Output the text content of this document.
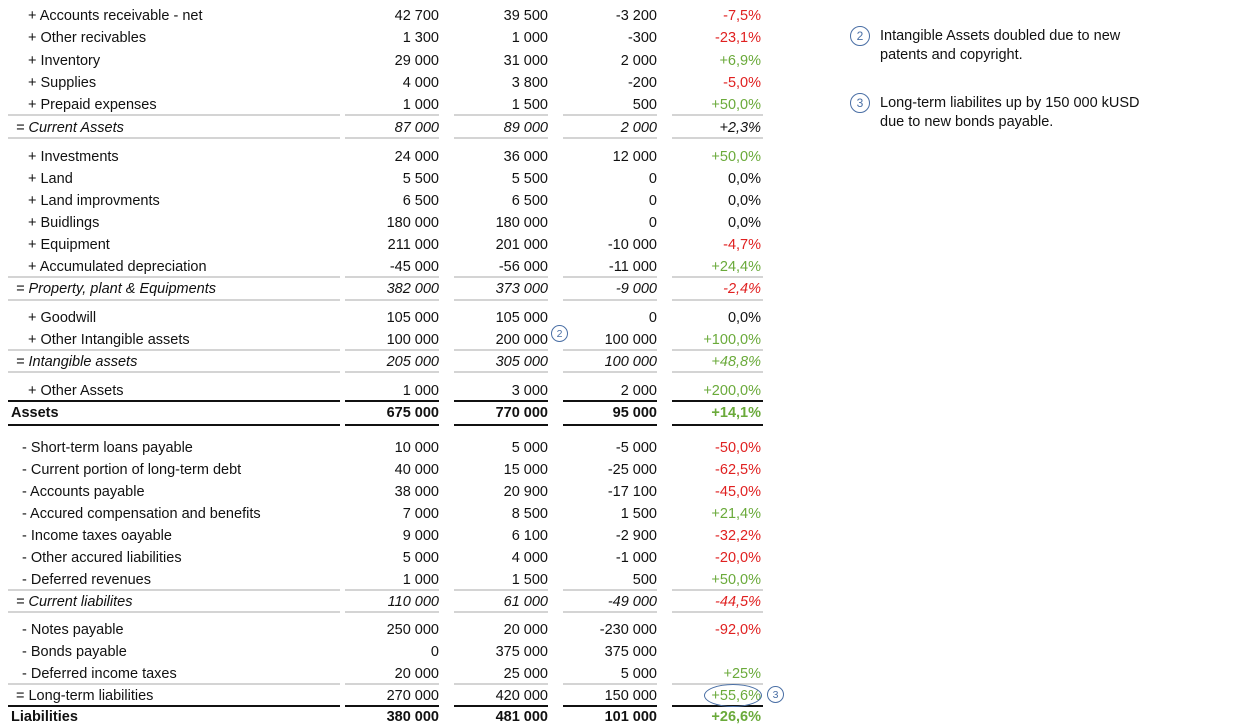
+ Accounts receivable - net	42 700	39 500	-3 200	-7,5%
+ Other recivables	1 300	1 000	-300	-23,1%
+ Inventory	29 000	31 000	2 000	+6,9%
+ Supplies	4 000	3 800	-200	-5,0%
+ Prepaid expenses	1 000	1 500	500	+50,0%
= Current Assets	87 000	89 000	2 000	+2,3%
+ Investments	24 000	36 000	12 000	+50,0%
+ Land	5 500	5 500	0	0,0%
+ Land improvments	6 500	6 500	0	0,0%
+ Buidlings	180 000	180 000	0	0,0%
+ Equipment	211 000	201 000	-10 000	-4,7%
+ Accumulated depreciation	-45 000	-56 000	-11 000	+24,4%
= Property, plant & Equipments	382 000	373 000	-9 000	-2,4%
+ Goodwill	105 000	105 000	0	0,0%
+ Other Intangible assets	100 000	200 000	100 000	+100,0%
= Intangible assets	205 000	305 000	100 000	+48,8%
+ Other Assets	1 000	3 000	2 000	+200,0%
Assets	675 000	770 000	95 000	+14,1%
- Short-term loans payable	10 000	5 000	-5 000	-50,0%
- Current portion of long-term debt	40 000	15 000	-25 000	-62,5%
- Accounts payable	38 000	20 900	-17 100	-45,0%
- Accured compensation and benefits	7 000	8 500	1 500	+21,4%
- Income taxes oayable	9 000	6 100	-2 900	-32,2%
- Other accured liabilities	5 000	4 000	-1 000	-20,0%
- Deferred revenues	1 000	1 500	500	+50,0%
= Current liabilites	110 000	61 000	-49 000	-44,5%
- Notes payable	250 000	20 000	-230 000	-92,0%
- Bonds payable	0	375 000	375 000
- Deferred income taxes	20 000	25 000	5 000	+25%
= Long-term liabilities	270 000	420 000	150 000	+55,6%
Liabilities	380 000	481 000	101 000	+26,6%
2	Intangible Assets doubled due to new patents and copyright.
3	Long-term liabilites up by 150 000 kUSD due to new bonds payable.
2
3
